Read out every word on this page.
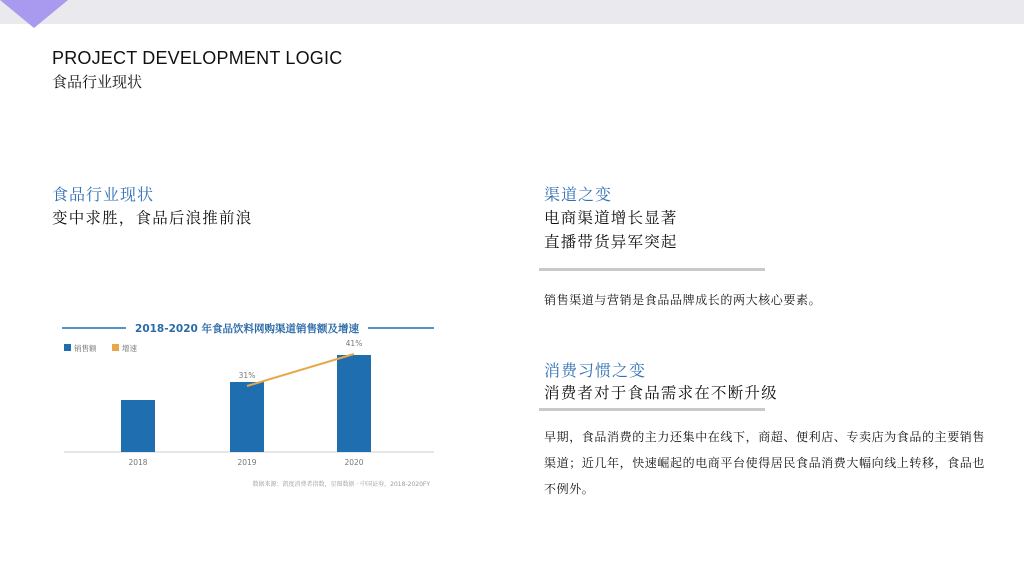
PROJECT DEVELOPMENT LOGIC
食品行业现状
食品行业现状
变中求胜，食品后浪推前浪
渠道之变
电商渠道增长显著
直播带货异军突起
销售渠道与营销是食品品牌成长的两大核心要素。
消费习惯之变
消费者对于食品需求在不断升级
早期，食品消费的主力还集中在线下，商超、便利店、专卖店为食品的主要销售渠道；近几年，快速崛起的电商平台使得居民食品消费大幅向线上转移，食品也不例外。
2018-2020 年食品饮料网购渠道销售额及增速
销售额	增速
2018	2019	2020
31%
41%
数据来源：凯度消费者指数，星图数据 · 中国证券，2018-2020FY
